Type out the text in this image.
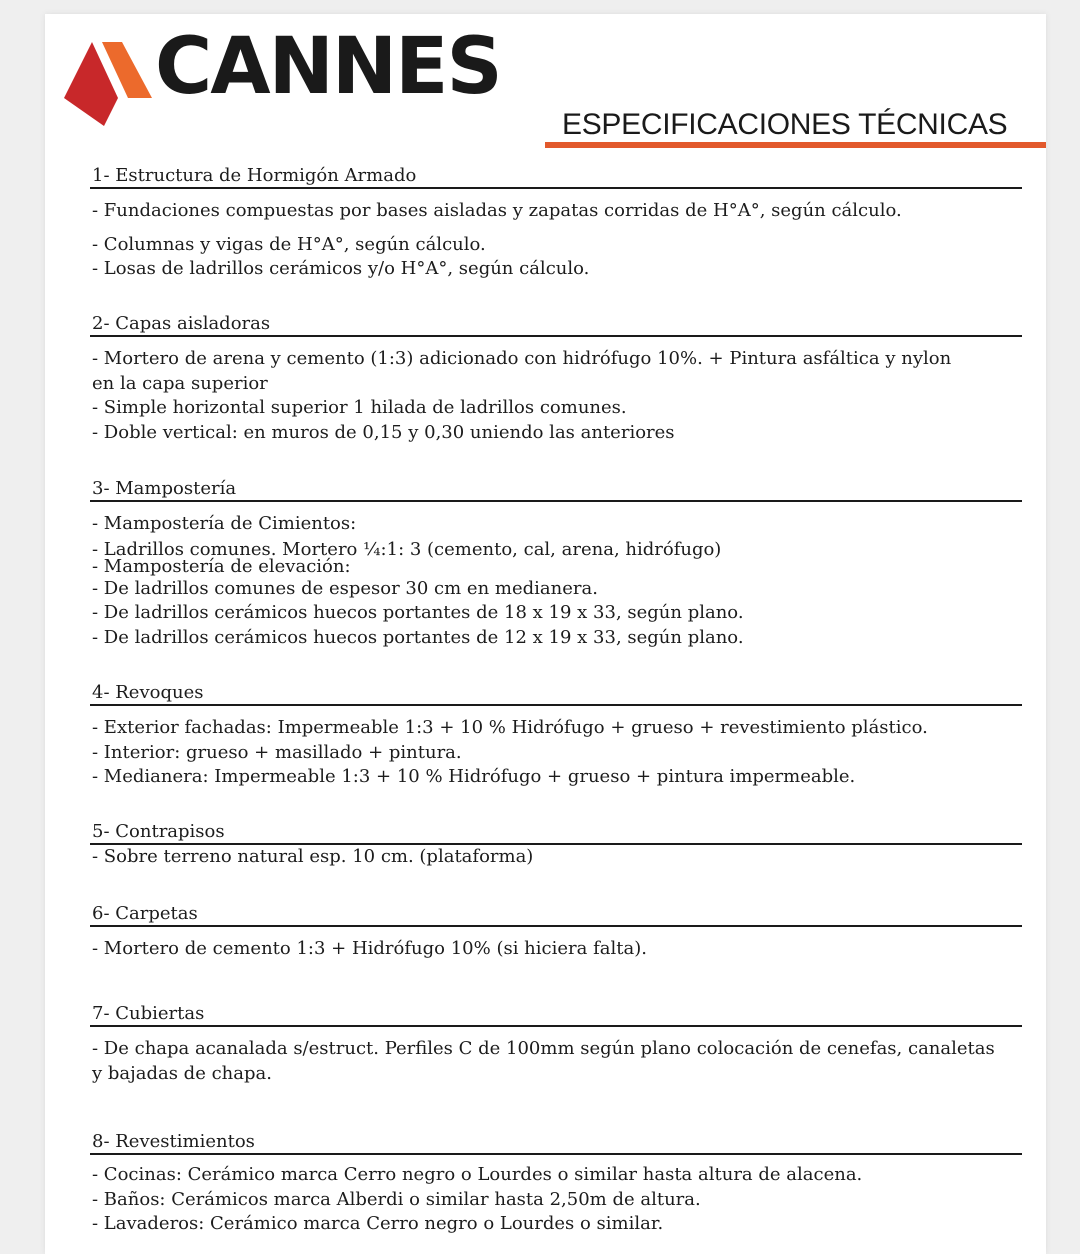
CANNES
ESPECIFICACIONES TÉCNICAS
1- Estructura de Hormigón Armado
- Fundaciones compuestas por bases aisladas y zapatas corridas de H°A°, según cálculo.
- Columnas y vigas de H°A°, según cálculo.
- Losas de ladrillos cerámicos y/o H°A°, según cálculo.
2- Capas aisladoras
- Mortero de arena y cemento (1:3) adicionado con hidrófugo 10%. + Pintura asfáltica y nylon
en la capa superior
- Simple horizontal superior 1 hilada de ladrillos comunes.
- Doble vertical: en muros de 0,15 y 0,30 uniendo las anteriores
3- Mampostería
- Mampostería de Cimientos:
- Ladrillos comunes. Mortero ¼:1: 3 (cemento, cal, arena, hidrófugo)
- Mampostería de elevación:
- De ladrillos comunes de espesor 30 cm en medianera.
- De ladrillos cerámicos huecos portantes de 18 x 19 x 33, según plano.
- De ladrillos cerámicos huecos portantes de 12 x 19 x 33, según plano.
4- Revoques
- Exterior fachadas: Impermeable 1:3 + 10 % Hidrófugo + grueso + revestimiento plástico.
- Interior: grueso + masillado + pintura.
- Medianera: Impermeable 1:3 + 10 % Hidrófugo + grueso + pintura impermeable.
5- Contrapisos
- Sobre terreno natural esp. 10 cm. (plataforma)
6- Carpetas
- Mortero de cemento 1:3 + Hidrófugo 10% (si hiciera falta).
7- Cubiertas
- De chapa acanalada s/estruct. Perfiles C de 100mm según plano colocación de cenefas, canaletas
y bajadas de chapa.
8- Revestimientos
- Cocinas: Cerámico marca Cerro negro o Lourdes o similar hasta altura de alacena.
- Baños: Cerámicos marca Alberdi o similar hasta 2,50m de altura.
- Lavaderos: Cerámico marca Cerro negro o Lourdes o similar.
